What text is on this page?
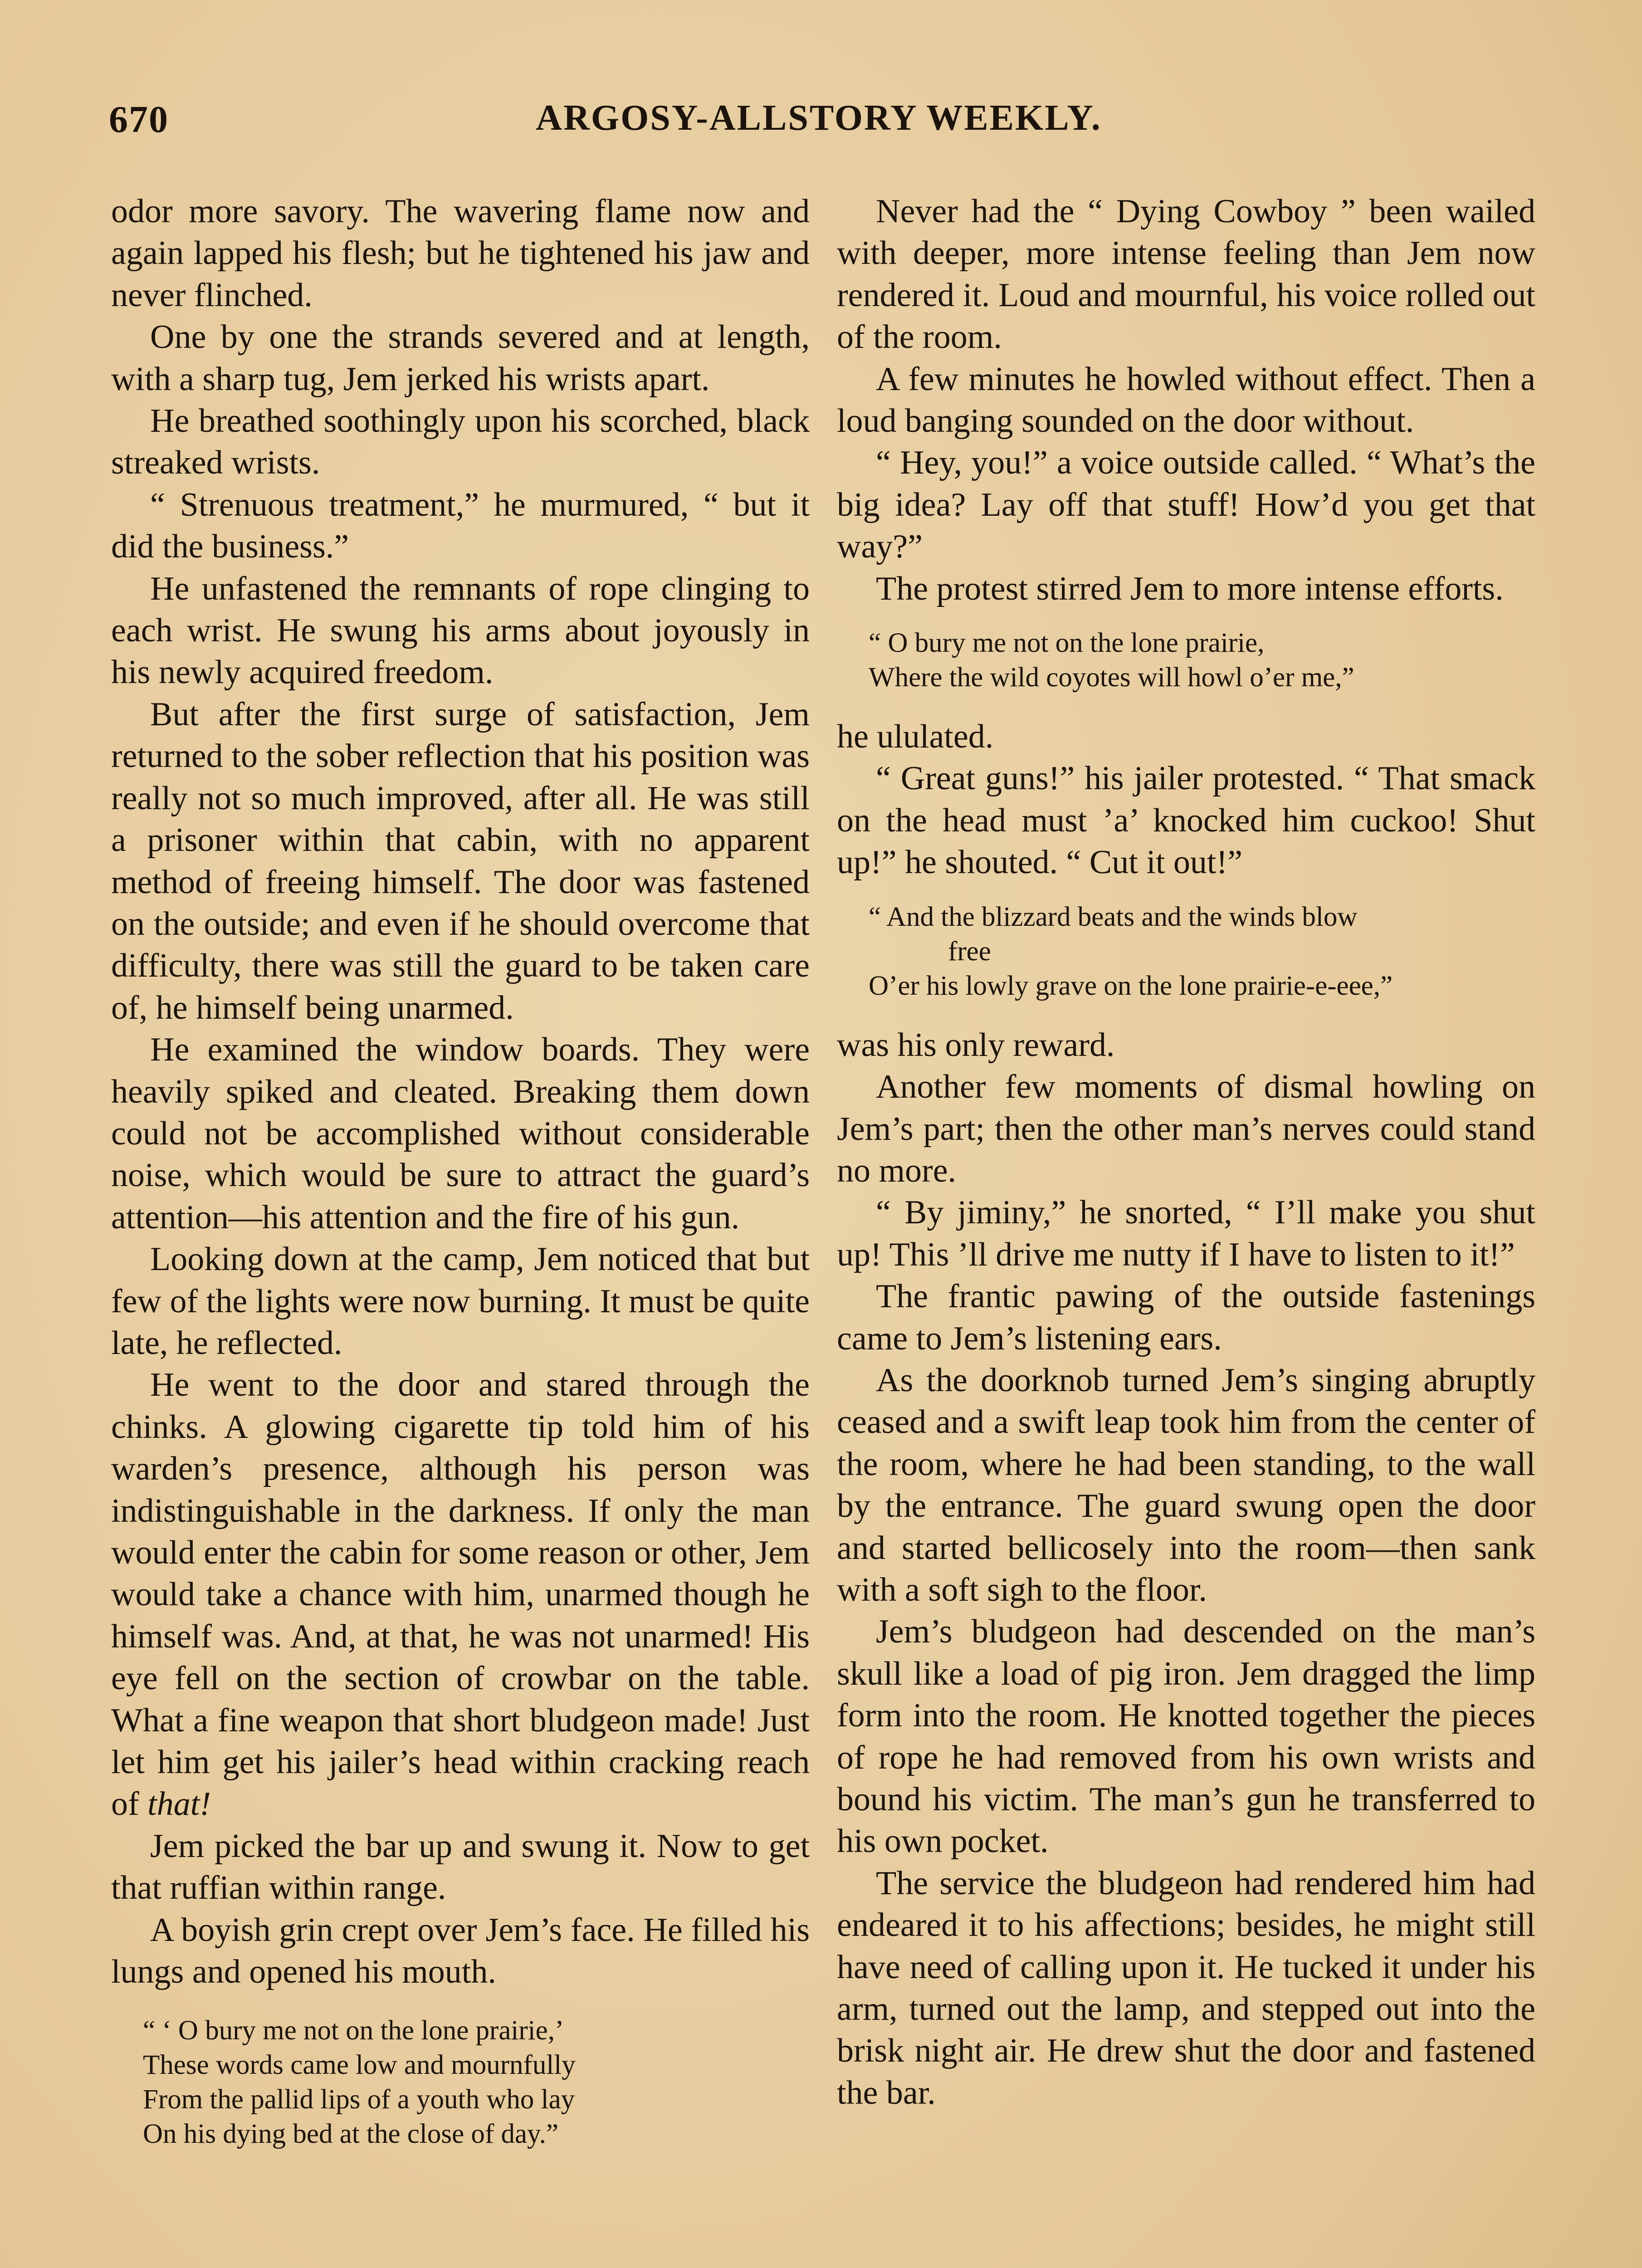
670	ARGOSY-ALLSTORY WEEKLY.

odor more savory. The wavering flame now and again lapped his flesh; but he tightened his jaw and never flinched.

One by one the strands severed and at length, with a sharp tug, Jem jerked his wrists apart.

He breathed soothingly upon his scorched, black streaked wrists.

“ Strenuous treatment,” he murmured, “ but it did the business.”

He unfastened the remnants of rope clinging to each wrist. He swung his arms about joyously in his newly acquired freedom.

But after the first surge of satisfaction, Jem returned to the sober reflection that his position was really not so much improved, after all. He was still a prisoner within that cabin, with no apparent method of freeing himself. The door was fastened on the outside; and even if he should overcome that difficulty, there was still the guard to be taken care of, he himself being unarmed.

He examined the window boards. They were heavily spiked and cleated. Breaking them down could not be accomplished without considerable noise, which would be sure to attract the guard’s attention—his attention and the fire of his gun.

Looking down at the camp, Jem noticed that but few of the lights were now burning. It must be quite late, he reflected.

He went to the door and stared through the chinks. A glowing cigarette tip told him of his warden’s presence, although his person was indistinguishable in the darkness. If only the man would enter the cabin for some reason or other, Jem would take a chance with him, unarmed though he himself was. And, at that, he was not unarmed! His eye fell on the section of crowbar on the table. What a fine weapon that short bludgeon made! Just let him get his jailer’s head within cracking reach of that!

Jem picked the bar up and swung it. Now to get that ruffian within range.

A boyish grin crept over Jem’s face. He filled his lungs and opened his mouth.

“ ‘ O bury me not on the lone prairie,’
These words came low and mournfully
From the pallid lips of a youth who lay
On his dying bed at the close of day.”

Never had the “ Dying Cowboy ” been wailed with deeper, more intense feeling than Jem now rendered it. Loud and mournful, his voice rolled out of the room.

A few minutes he howled without effect. Then a loud banging sounded on the door without.

“ Hey, you!” a voice outside called. “ What’s the big idea? Lay off that stuff! How’d you get that way?”

The protest stirred Jem to more intense efforts.

“ O bury me not on the lone prairie,
Where the wild coyotes will howl o’er me,”

he ululated.

“ Great guns!” his jailer protested. “ That smack on the head must ’a’ knocked him cuckoo! Shut up!” he shouted. “ Cut it out!”

“ And the blizzard beats and the winds blow
free
O’er his lowly grave on the lone prairie-e-eee,”

was his only reward.

Another few moments of dismal howling on Jem’s part; then the other man’s nerves could stand no more.

“ By jiminy,” he snorted, “ I’ll make you shut up! This ’ll drive me nutty if I have to listen to it!”

The frantic pawing of the outside fastenings came to Jem’s listening ears.

As the doorknob turned Jem’s singing abruptly ceased and a swift leap took him from the center of the room, where he had been standing, to the wall by the entrance. The guard swung open the door and started bellicosely into the room—then sank with a soft sigh to the floor.

Jem’s bludgeon had descended on the man’s skull like a load of pig iron. Jem dragged the limp form into the room. He knotted together the pieces of rope he had removed from his own wrists and bound his victim. The man’s gun he transferred to his own pocket.

The service the bludgeon had rendered him had endeared it to his affections; besides, he might still have need of calling upon it. He tucked it under his arm, turned out the lamp, and stepped out into the brisk night air. He drew shut the door and fastened the bar.
